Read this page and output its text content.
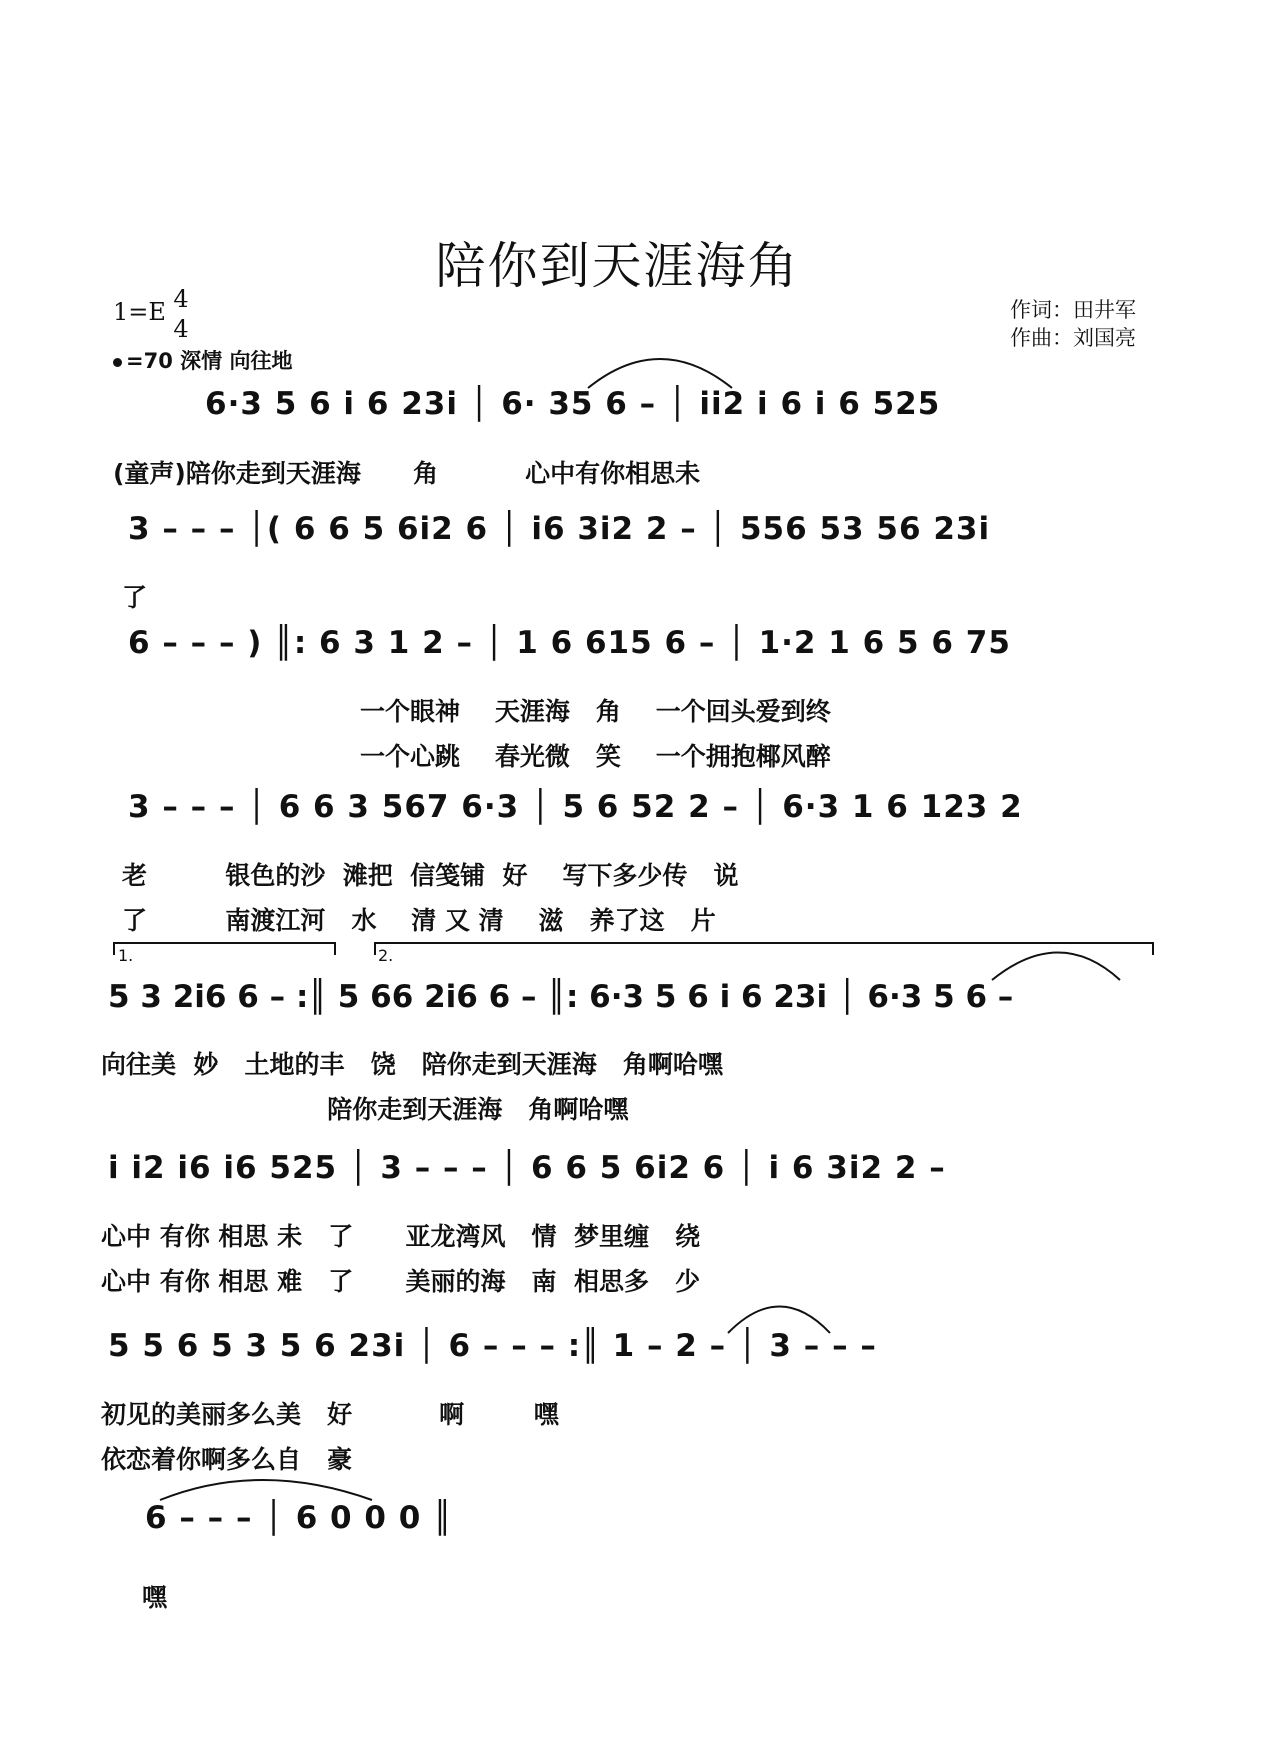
陪你到天涯海角
1=E 4
4
=70 深情 向往地
作词：田井军
作曲：刘国亮
6·3 5 6 i 6 23i │ 6· 35 6 – │ ii2 i 6 i 6 525
(童声)陪你走到天涯海      角          心中有你相思未
3 – – – │( 6 6 5 6i2 6 │ i6 3i2 2 – │ 556 53 56 23i
了
6 – – – ) ║: 6 3 1 2 – │ 1 6 615 6 – │ 1·2 1 6 5 6 75
一个眼神    天涯海   角    一个回头爱到终
一个心跳    春光微   笑    一个拥抱椰风醉
3 – – – │ 6 6 3 567 6·3 │ 5 6 52 2 – │ 6·3 1 6 123 2
老         银色的沙  滩把  信笺铺  好    写下多少传   说
了         南渡江河   水    清 又 清    滋   养了这   片
1.	2.
5 3 2i6 6 – :║ 5 66 2i6 6 – ║: 6·3 5 6 i 6 23i │ 6·3 5 6 –
向往美  妙   土地的丰   饶   陪你走到天涯海   角啊哈嘿
陪你走到天涯海   角啊哈嘿
i i2 i6 i6 525 │ 3 – – – │ 6 6 5 6i2 6 │ i 6 3i2 2 –
心中 有你 相思 未   了      亚龙湾风   情  梦里缠   绕
心中 有你 相思 难   了      美丽的海   南  相思多   少
5 5 6 5 3 5 6 23i │ 6 – – – :║ 1 – 2 – │ 3 – – –
初见的美丽多么美   好          啊        嘿
依恋着你啊多么自   豪
6 – – – │ 6 0 0 0 ║
嘿
